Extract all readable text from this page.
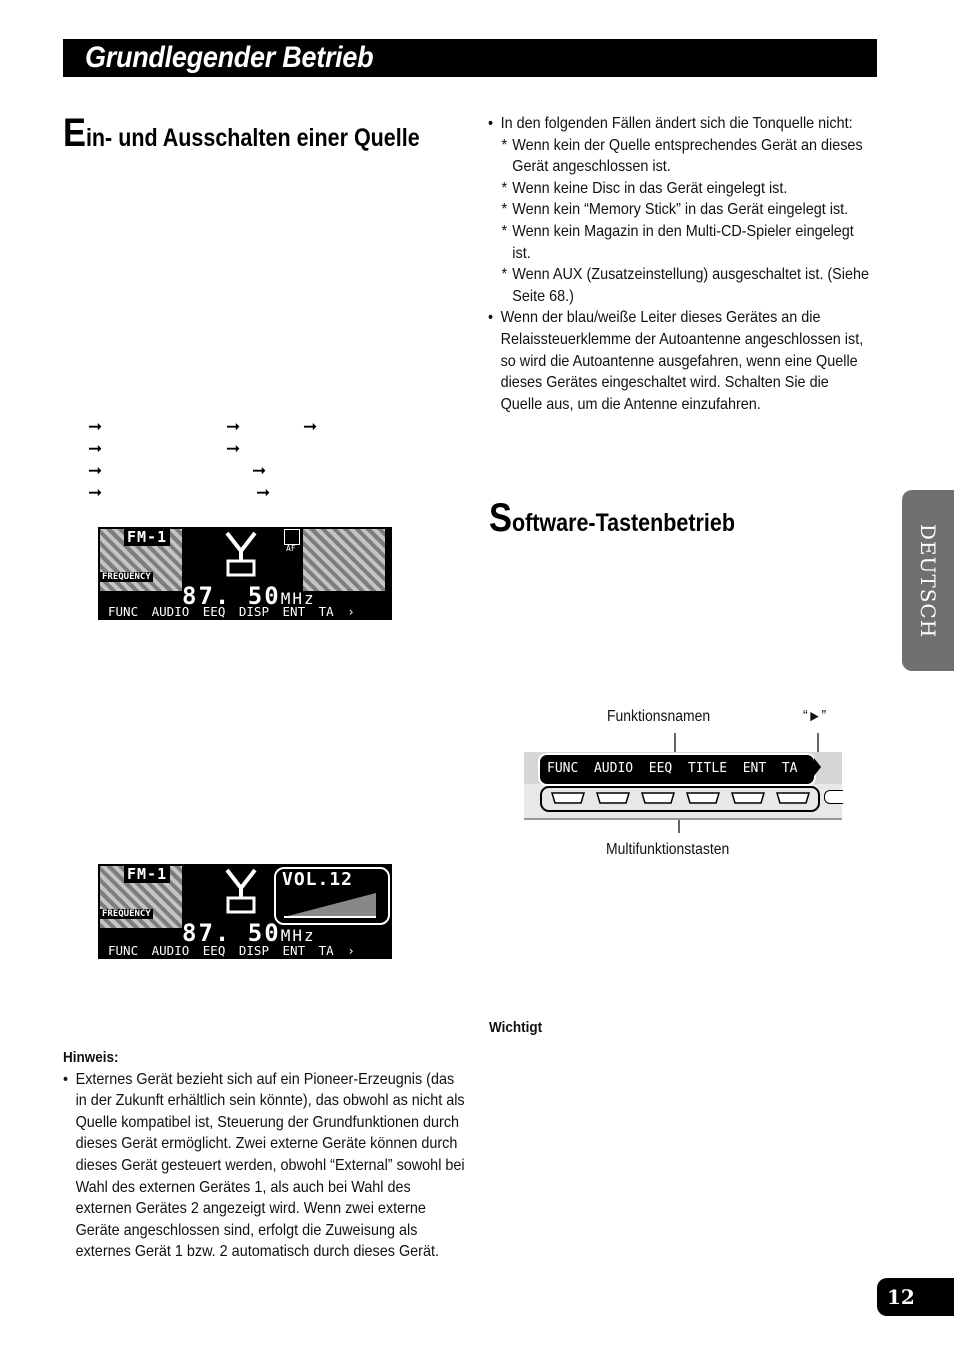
Grundlegender Betrieb
Ein- und Ausschalten einer Quelle
➞	➞	➞
➞	➞
➞	➞
➞	➞
FM-1
FREQUENCY
AF
87. 50MHz
FUNC AUDIO EEQ DISP ENT TA ›
FM-1
FREQUENCY
VOL.12
87. 50MHz
FUNC AUDIO EEQ DISP ENT TA ›
Hinweis:
• Externes Gerät bezieht sich auf ein Pioneer-Erzeugnis (das in der Zukunft erhältlich sein könnte), das obwohl as nicht als Quelle kompatibel ist, Steuerung der Grundfunktionen durch dieses Gerät ermöglicht. Zwei externe Geräte können durch dieses Gerät gesteuert werden, obwohl “External” sowohl bei Wahl des externen Gerätes 1, als auch bei Wahl des externen Gerätes 2 angezeigt wird. Wenn zwei externe Geräte angeschlossen sind, erfolgt die Zuweisung als externes Gerät 1 bzw. 2 automatisch durch dieses Gerät.
• In den folgenden Fällen ändert sich die Tonquelle nicht:
* Wenn kein der Quelle entsprechendes Gerät an dieses Gerät angeschlossen ist.
* Wenn keine Disc in das Gerät eingelegt ist.
* Wenn kein “Memory Stick” in das Gerät eingelegt ist.
* Wenn kein Magazin in den Multi-CD-Spieler eingelegt ist.
* Wenn AUX (Zusatzeinstellung) ausgeschaltet ist. (Siehe Seite 68.)
• Wenn der blau/weiße Leiter dieses Gerätes an die Relaissteuerklemme der Autoantenne angeschlossen ist, so wird die Autoantenne ausgefahren, wenn eine Quelle dieses Gerätes eingeschaltet wird. Schalten Sie die Quelle aus, um die Antenne einzufahren.
Software-Tastenbetrieb
Funktionsnamen	“►”
Multifunktionstasten
FUNC AUDIO EEQ TITLE ENT TA
Wichtigt
DEUTSCH
12
